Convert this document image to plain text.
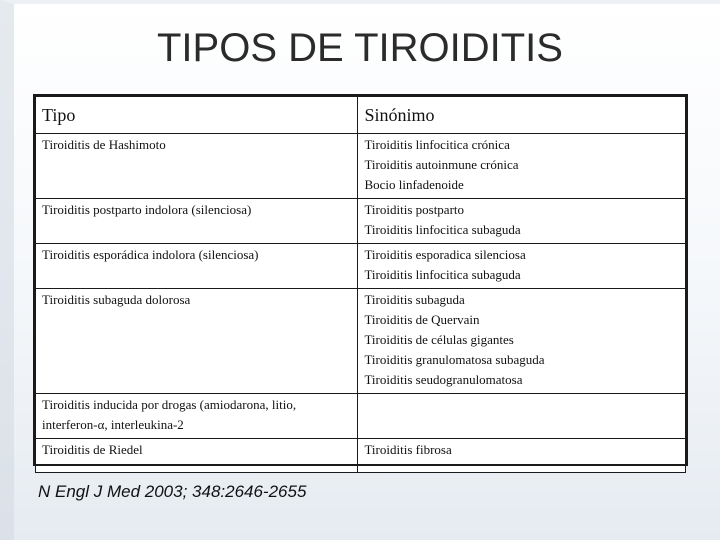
TIPOS DE TIROIDITIS
Tipo	Sinónimo
Tiroiditis de Hashimoto	Tiroiditis linfocitica crónica
Tiroiditis autoinmune crónica
Bocio linfadenoide

Tiroiditis postparto indolora (silenciosa)	Tiroiditis postparto
Tiroiditis linfocitica subaguda

Tiroiditis esporádica indolora (silenciosa)	Tiroiditis esporadica silenciosa
Tiroiditis linfocitica subaguda

Tiroiditis subaguda dolorosa	Tiroiditis subaguda
Tiroiditis de Quervain
Tiroiditis de células gigantes
Tiroiditis granulomatosa subaguda
Tiroiditis seudogranulomatosa

Tiroiditis inducida por drogas (amiodarona, litio, interferon-α, interleukina-2	
Tiroiditis de Riedel	Tiroiditis fibrosa
N Engl J Med 2003; 348:2646-2655
